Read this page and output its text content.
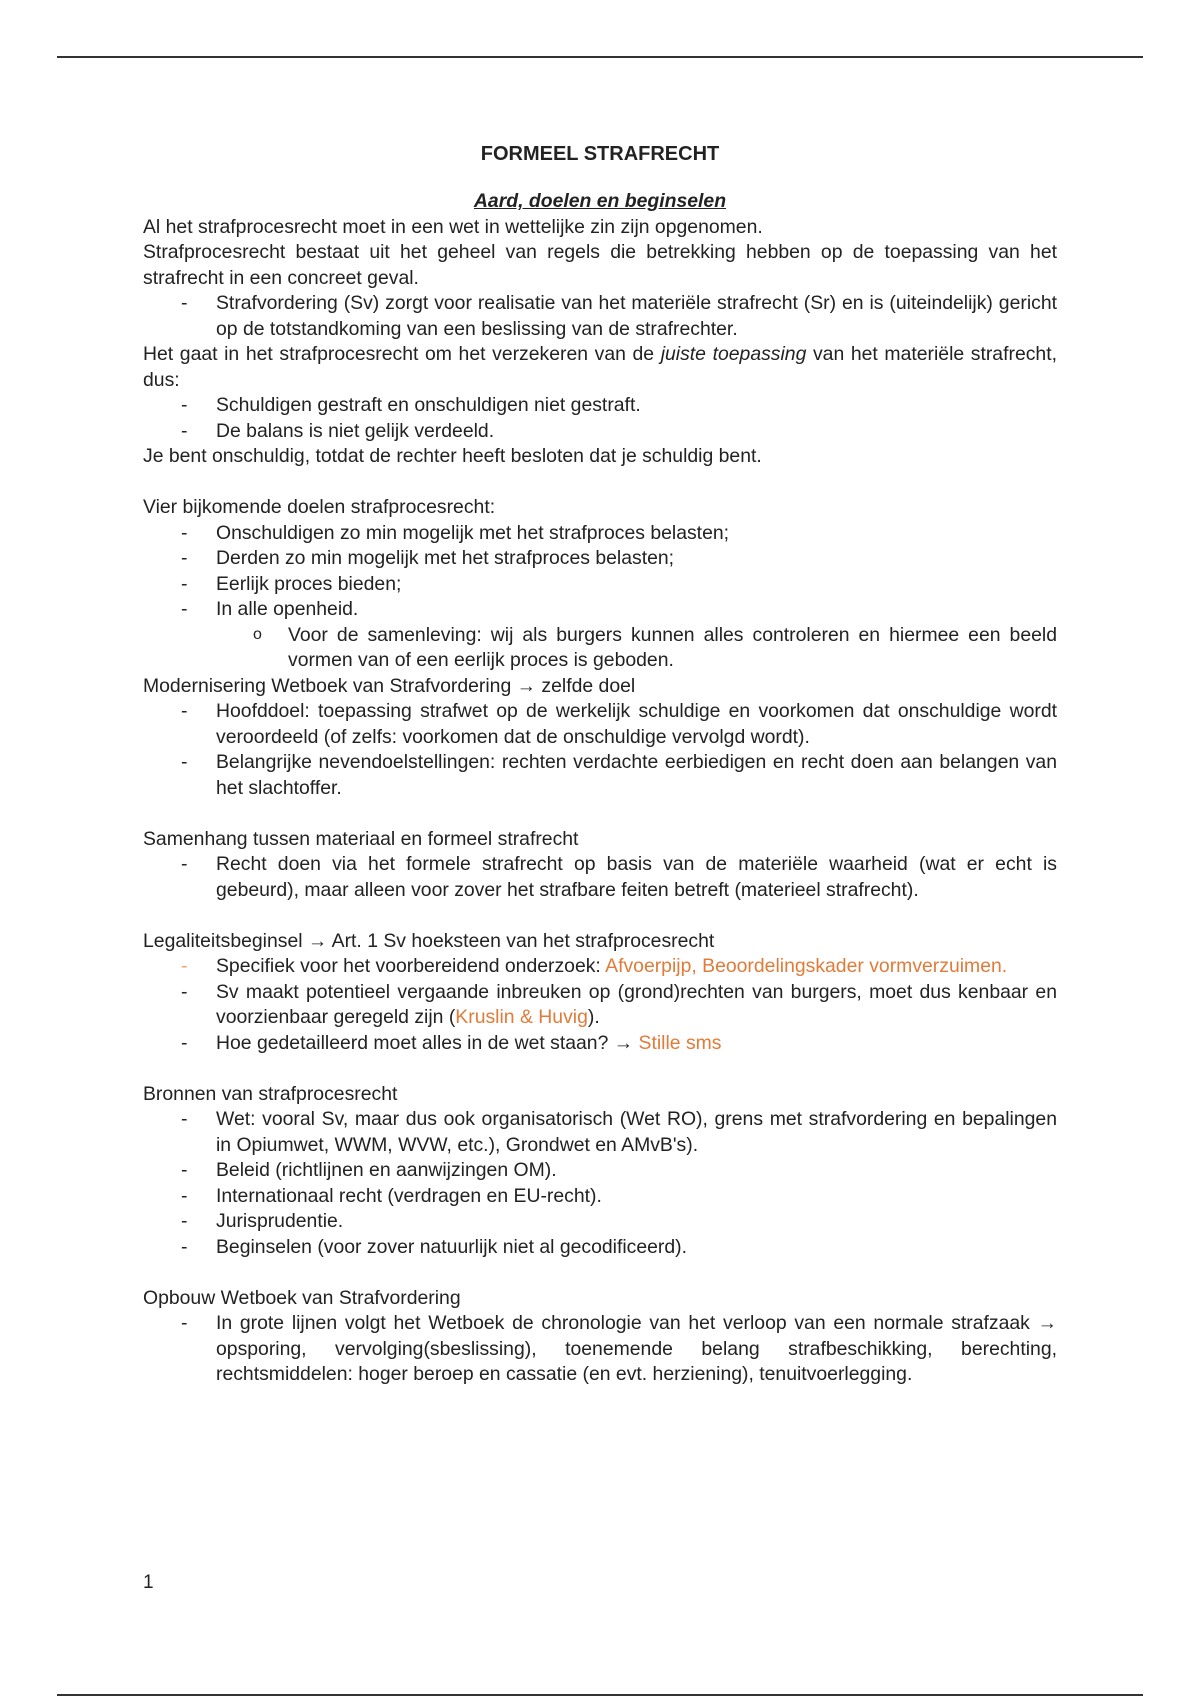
FORMEEL STRAFRECHT
Aard, doelen en beginselen

Al het strafprocesrecht moet in een wet in wettelijke zin zijn opgenomen.

Strafprocesrecht bestaat uit het geheel van regels die betrekking hebben op de toepassing van het strafrecht in een concreet geval.

- Strafvordering (Sv) zorgt voor realisatie van het materiële strafrecht (Sr) en is (uiteindelijk) gericht op de totstandkoming van een beslissing van de strafrechter.

Het gaat in het strafprocesrecht om het verzekeren van de juiste toepassing van het materiële strafrecht, dus:

- Schuldigen gestraft en onschuldigen niet gestraft.
- De balans is niet gelijk verdeeld.

Je bent onschuldig, totdat de rechter heeft besloten dat je schuldig bent.

Vier bijkomende doelen strafprocesrecht:

- Onschuldigen zo min mogelijk met het strafproces belasten;
- Derden zo min mogelijk met het strafproces belasten;
- Eerlijk proces bieden;
- In alle openheid.
o Voor de samenleving: wij als burgers kunnen alles controleren en hiermee een beeld vormen van of een eerlijk proces is geboden.

Modernisering Wetboek van Strafvordering → zelfde doel

- Hoofddoel: toepassing strafwet op de werkelijk schuldige en voorkomen dat onschuldige wordt veroordeeld (of zelfs: voorkomen dat de onschuldige vervolgd wordt).
- Belangrijke nevendoelstellingen: rechten verdachte eerbiedigen en recht doen aan belangen van het slachtoffer.

Samenhang tussen materiaal en formeel strafrecht

- Recht doen via het formele strafrecht op basis van de materiële waarheid (wat er echt is gebeurd), maar alleen voor zover het strafbare feiten betreft (materieel strafrecht).

Legaliteitsbeginsel → Art. 1 Sv hoeksteen van het strafprocesrecht

- Specifiek voor het voorbereidend onderzoek: Afvoerpijp, Beoordelingskader vormverzuimen.
- Sv maakt potentieel vergaande inbreuken op (grond)rechten van burgers, moet dus kenbaar en voorzienbaar geregeld zijn (Kruslin & Huvig).
- Hoe gedetailleerd moet alles in de wet staan? → Stille sms

Bronnen van strafprocesrecht

- Wet: vooral Sv, maar dus ook organisatorisch (Wet RO), grens met strafvordering en bepalingen in Opiumwet, WWM, WVW, etc.), Grondwet en AMvB's).
- Beleid (richtlijnen en aanwijzingen OM).
- Internationaal recht (verdragen en EU-recht).
- Jurisprudentie.
- Beginselen (voor zover natuurlijk niet al gecodificeerd).

Opbouw Wetboek van Strafvordering

- In grote lijnen volgt het Wetboek de chronologie van het verloop van een normale strafzaak → opsporing, vervolging(sbeslissing), toenemende belang strafbeschikking, berechting, rechtsmiddelen: hoger beroep en cassatie (en evt. herziening), tenuitvoerlegging.
1
